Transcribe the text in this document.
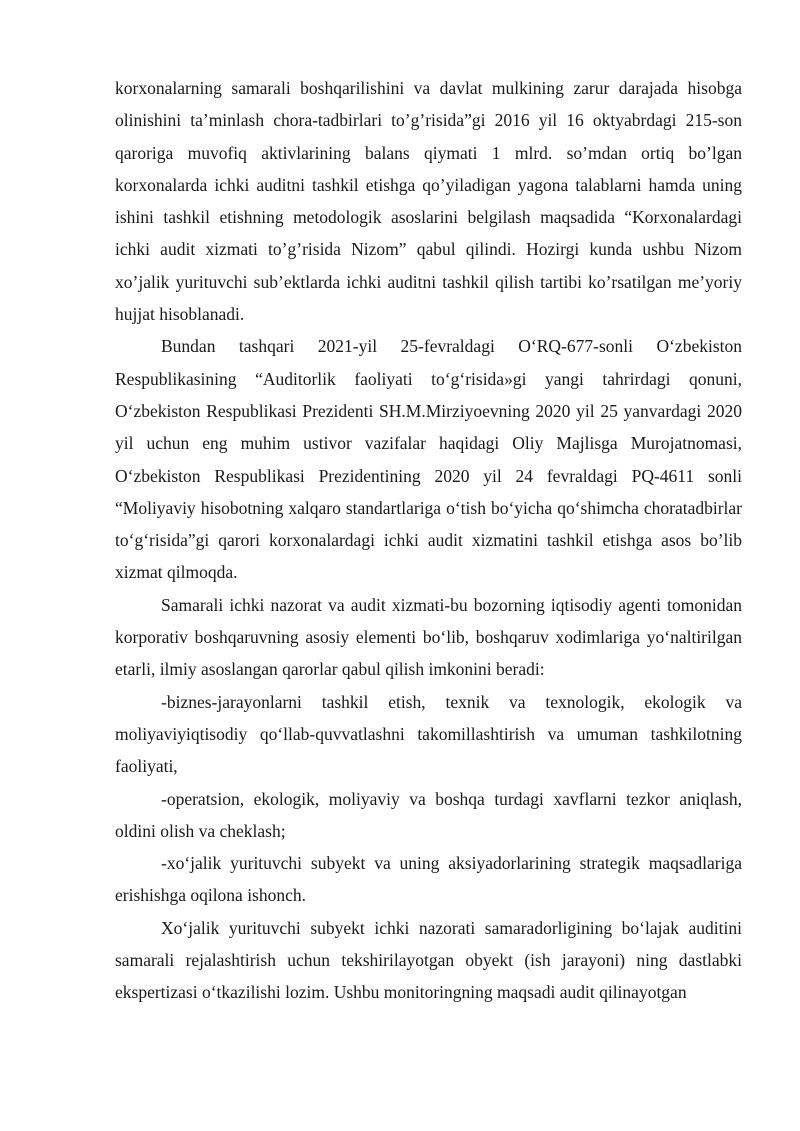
korxonalarning samarali boshqarilishini va davlat mulkining zarur darajada hisobga olinishini ta’minlash chora-tadbirlari to’g’risida”gi 2016 yil 16 oktyabrdagi 215-son qaroriga muvofiq aktivlarining balans qiymati 1 mlrd. so’mdan ortiq bo’lgan korxonalarda ichki auditni tashkil etishga qo’yiladigan yagona talablarni hamda uning ishini tashkil etishning metodologik asoslarini belgilash maqsadida “Korxonalardagi ichki audit xizmati to’g’risida Nizom” qabul qilindi. Hozirgi kunda ushbu Nizom xo’jalik yurituvchi sub’ektlarda ichki auditni tashkil qilish tartibi ko’rsatilgan me’yoriy hujjat hisoblanadi.

Bundan tashqari 2021-yil 25-fevraldagi O‘RQ-677-sonli O‘zbekiston Respublikasining “Auditorlik faoliyati to‘g‘risida»gi yangi tahrirdagi qonuni, O‘zbekiston Respublikasi Prezidenti SH.M.Mirziyoevning 2020 yil 25 yanvardagi 2020 yil uchun eng muhim ustivor vazifalar haqidagi Oliy Majlisga Murojatnomasi, O‘zbekiston Respublikasi Prezidentining 2020 yil 24 fevraldagi PQ-4611 sonli “Moliyaviy hisobotning xalqaro standartlariga o‘tish bo‘yicha qo‘shimcha choratadbirlar to‘g‘risida”gi qarori korxonalardagi ichki audit xizmatini tashkil etishga asos bo’lib xizmat qilmoqda.

Samarali ichki nazorat va audit xizmati-bu bozorning iqtisodiy agenti tomonidan korporativ boshqaruvning asosiy elementi bo‘lib, boshqaruv xodimlariga yo‘naltirilgan etarli, ilmiy asoslangan qarorlar qabul qilish imkonini beradi:

-biznes-jarayonlarni tashkil etish, texnik va texnologik, ekologik va moliyaviyiqtisodiy qo‘llab-quvvatlashni takomillashtirish va umuman tashkilotning faoliyati,

-operatsion, ekologik, moliyaviy va boshqa turdagi xavflarni tezkor aniqlash, oldini olish va cheklash;

-xo‘jalik yurituvchi subyekt va uning aksiyadorlarining strategik maqsadlariga erishishga oqilona ishonch.

Xo‘jalik yurituvchi subyekt ichki nazorati samaradorligining bo‘lajak auditini samarali rejalashtirish uchun tekshirilayotgan obyekt (ish jarayoni) ning dastlabki ekspertizasi o‘tkazilishi lozim. Ushbu monitoringning maqsadi audit qilinayotgan
